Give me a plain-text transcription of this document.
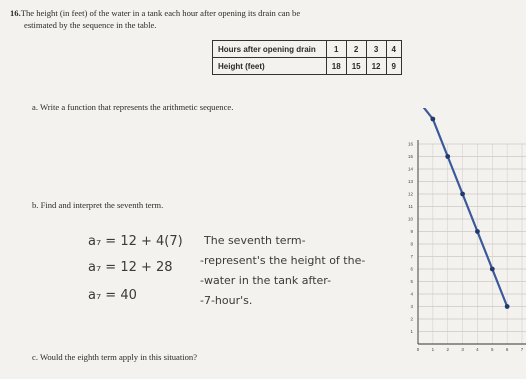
16.The height (in feet) of the water in a tank each hour after opening its drain can be
estimated by the sequence in the table.
Hours after opening drain	1	2	3	4
Height (feet)	18	15	12	9
a. Write a function that represents the arithmetic sequence.
b. Find and interpret the seventh term.
c. Would the eighth term apply in this situation?
a₇ = 12 + 4(7)
a₇ = 12 + 28
a₇ = 40
The seventh term-
-represent's the height of the-
-water in the tank after-
-7-hour's.
1
2
3
4
5
6
7
8
9
10
11
12
13
14
15
16
0	1	2	3	4	5	6	7
